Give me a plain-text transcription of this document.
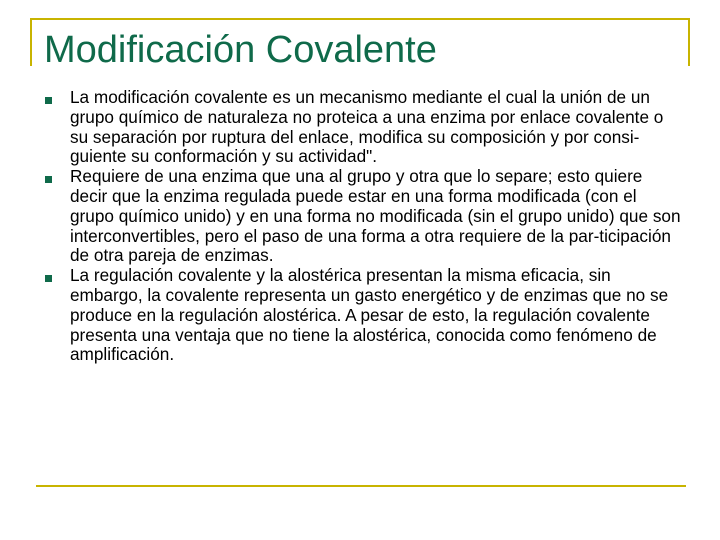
Modificación Covalente
La modificación covalente es un mecanismo mediante el cual la unión de un grupo químico de naturaleza no proteica a una enzima por enlace covalente o su separación por ruptura del enlace, modifica su composición y por consi-guiente su conformación y su actividad".
Requiere de una enzima que una al grupo y otra que lo separe; esto quiere decir que la enzima regulada puede estar en una forma modificada (con el grupo químico unido) y en una forma no modificada (sin el grupo unido) que son interconvertibles, pero el paso de una forma a otra requiere de la par-ticipación de otra pareja de enzimas.
La regulación covalente y la alostérica presentan la misma eficacia, sin embargo, la covalente representa un gasto energético y de enzimas que no se produce en la regulación alostérica. A pesar de esto, la regulación covalente presenta una ventaja que no tiene la alostérica, conocida como fenómeno de amplificación.
